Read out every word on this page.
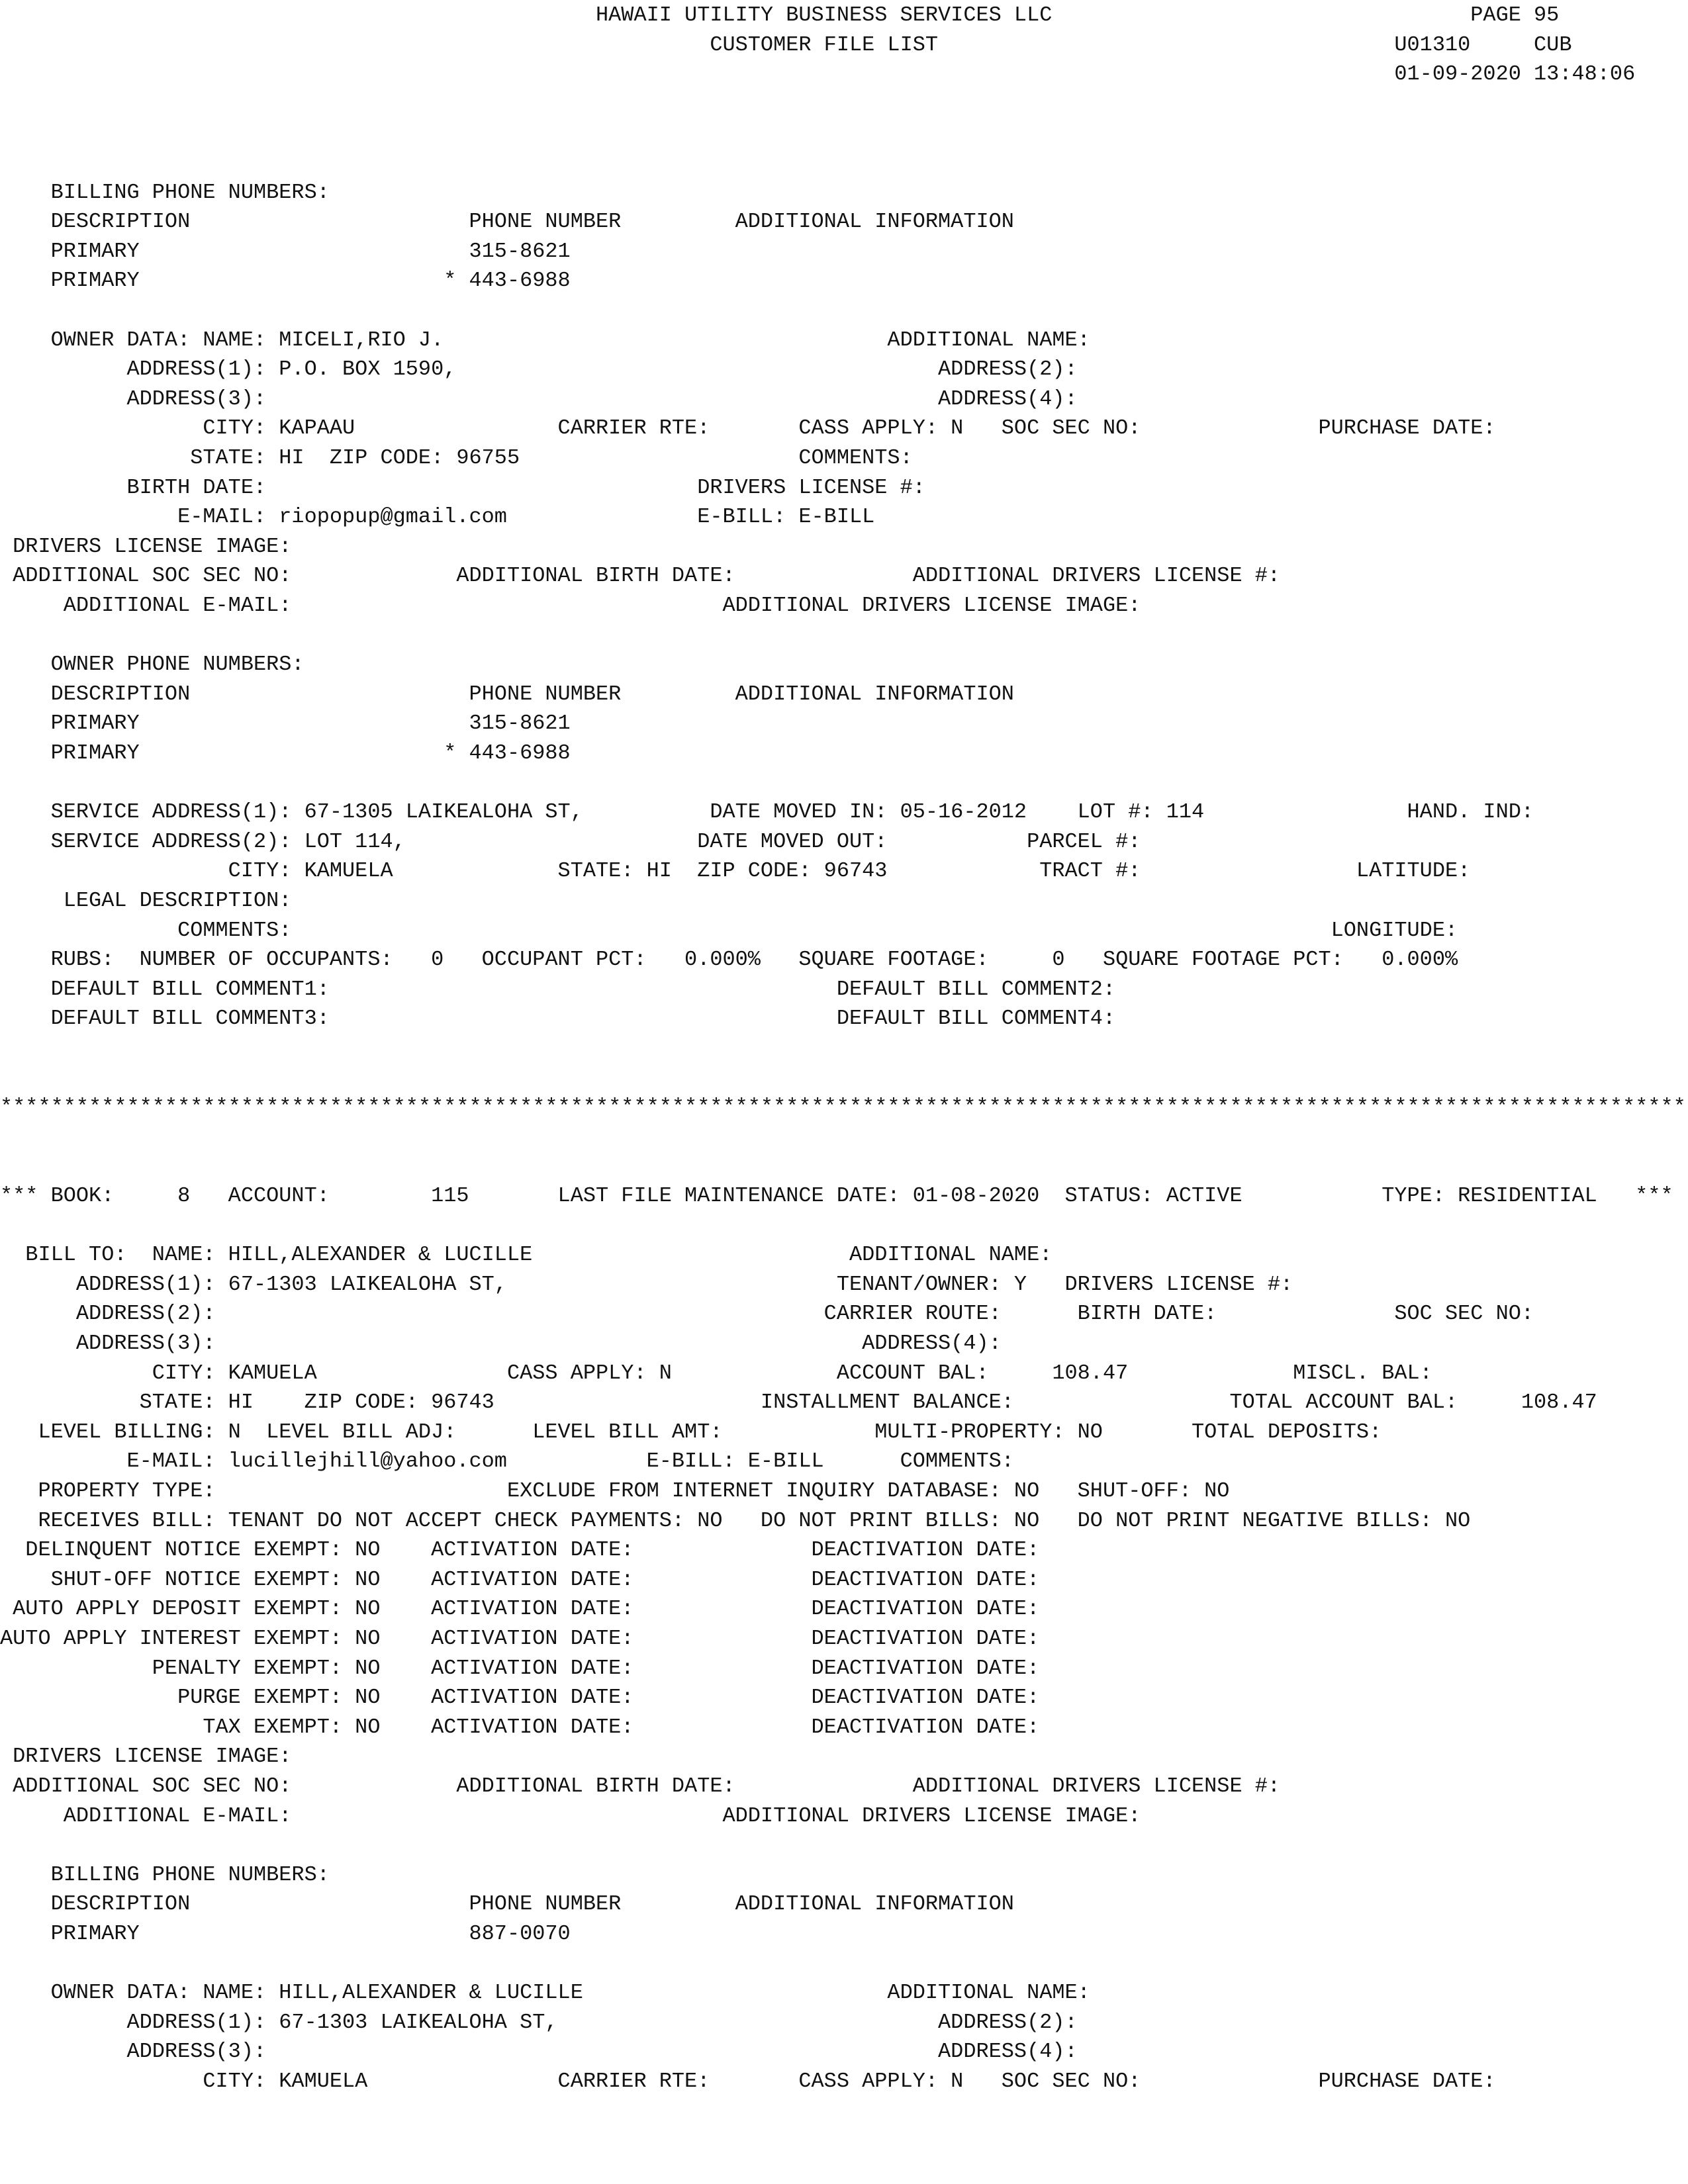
HAWAII UTILITY BUSINESS SERVICES LLC                                 PAGE 95
CUSTOMER FILE LIST                                    U01310     CUB
01-09-2020 13:48:06
BILLING PHONE NUMBERS:
DESCRIPTION                      PHONE NUMBER         ADDITIONAL INFORMATION
PRIMARY                          315-8621
PRIMARY                        * 443-6988
OWNER DATA: NAME: MICELI,RIO J.                                   ADDITIONAL NAME:
ADDRESS(1): P.O. BOX 1590,                                      ADDRESS(2):
ADDRESS(3):                                                     ADDRESS(4):
CITY: KAPAAU                CARRIER RTE:       CASS APPLY: N   SOC SEC NO:              PURCHASE DATE:
STATE: HI  ZIP CODE: 96755                      COMMENTS:
BIRTH DATE:                                  DRIVERS LICENSE #:
E-MAIL: riopopup@gmail.com               E-BILL: E-BILL
DRIVERS LICENSE IMAGE:
ADDITIONAL SOC SEC NO:             ADDITIONAL BIRTH DATE:              ADDITIONAL DRIVERS LICENSE #:
ADDITIONAL E-MAIL:                                  ADDITIONAL DRIVERS LICENSE IMAGE:
OWNER PHONE NUMBERS:
DESCRIPTION                      PHONE NUMBER         ADDITIONAL INFORMATION
PRIMARY                          315-8621
PRIMARY                        * 443-6988
SERVICE ADDRESS(1): 67-1305 LAIKEALOHA ST,          DATE MOVED IN: 05-16-2012    LOT #: 114                HAND. IND:
SERVICE ADDRESS(2): LOT 114,                       DATE MOVED OUT:           PARCEL #:
CITY: KAMUELA             STATE: HI  ZIP CODE: 96743            TRACT #:                 LATITUDE:
LEGAL DESCRIPTION:
COMMENTS:                                                                                  LONGITUDE:
RUBS:  NUMBER OF OCCUPANTS:   0   OCCUPANT PCT:   0.000%   SQUARE FOOTAGE:     0   SQUARE FOOTAGE PCT:   0.000%
DEFAULT BILL COMMENT1:                                        DEFAULT BILL COMMENT2:
DEFAULT BILL COMMENT3:                                        DEFAULT BILL COMMENT4:
*************************************************************************************************************************************
*** BOOK:     8   ACCOUNT:        115       LAST FILE MAINTENANCE DATE: 01-08-2020  STATUS: ACTIVE           TYPE: RESIDENTIAL   ***
BILL TO:  NAME: HILL,ALEXANDER & LUCILLE                         ADDITIONAL NAME:
ADDRESS(1): 67-1303 LAIKEALOHA ST,                          TENANT/OWNER: Y   DRIVERS LICENSE #:
ADDRESS(2):                                                CARRIER ROUTE:      BIRTH DATE:              SOC SEC NO:
ADDRESS(3):                                                   ADDRESS(4):
CITY: KAMUELA               CASS APPLY: N             ACCOUNT BAL:     108.47             MISCL. BAL:
STATE: HI    ZIP CODE: 96743                     INSTALLMENT BALANCE:                 TOTAL ACCOUNT BAL:     108.47
LEVEL BILLING: N  LEVEL BILL ADJ:      LEVEL BILL AMT:            MULTI-PROPERTY: NO       TOTAL DEPOSITS:
E-MAIL: lucillejhill@yahoo.com           E-BILL: E-BILL      COMMENTS:
PROPERTY TYPE:                       EXCLUDE FROM INTERNET INQUIRY DATABASE: NO   SHUT-OFF: NO
RECEIVES BILL: TENANT DO NOT ACCEPT CHECK PAYMENTS: NO   DO NOT PRINT BILLS: NO   DO NOT PRINT NEGATIVE BILLS: NO
DELINQUENT NOTICE EXEMPT: NO    ACTIVATION DATE:              DEACTIVATION DATE:
SHUT-OFF NOTICE EXEMPT: NO    ACTIVATION DATE:              DEACTIVATION DATE:
AUTO APPLY DEPOSIT EXEMPT: NO    ACTIVATION DATE:              DEACTIVATION DATE:
AUTO APPLY INTEREST EXEMPT: NO    ACTIVATION DATE:              DEACTIVATION DATE:
PENALTY EXEMPT: NO    ACTIVATION DATE:              DEACTIVATION DATE:
PURGE EXEMPT: NO    ACTIVATION DATE:              DEACTIVATION DATE:
TAX EXEMPT: NO    ACTIVATION DATE:              DEACTIVATION DATE:
DRIVERS LICENSE IMAGE:
ADDITIONAL SOC SEC NO:             ADDITIONAL BIRTH DATE:              ADDITIONAL DRIVERS LICENSE #:
ADDITIONAL E-MAIL:                                  ADDITIONAL DRIVERS LICENSE IMAGE:
BILLING PHONE NUMBERS:
DESCRIPTION                      PHONE NUMBER         ADDITIONAL INFORMATION
PRIMARY                          887-0070
OWNER DATA: NAME: HILL,ALEXANDER & LUCILLE                        ADDITIONAL NAME:
ADDRESS(1): 67-1303 LAIKEALOHA ST,                              ADDRESS(2):
ADDRESS(3):                                                     ADDRESS(4):
CITY: KAMUELA               CARRIER RTE:       CASS APPLY: N   SOC SEC NO:              PURCHASE DATE:
